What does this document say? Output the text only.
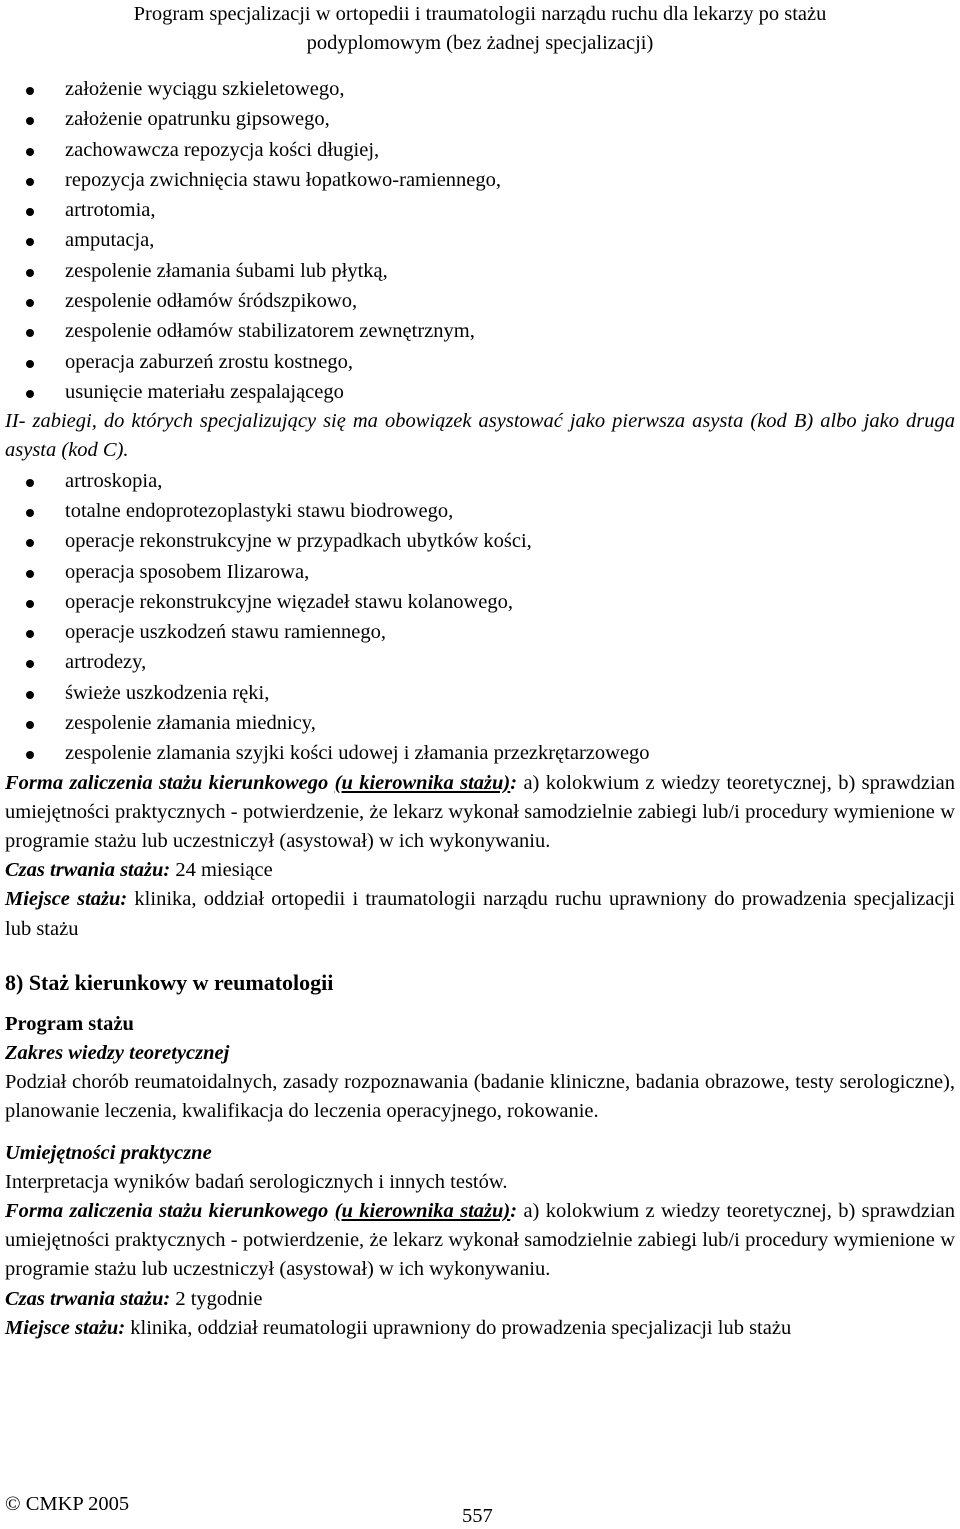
Program specjalizacji w ortopedii i traumatologii narządu ruchu dla lekarzy po stażu
podyplomowym (bez żadnej specjalizacji)
założenie wyciągu szkieletowego,
założenie opatrunku gipsowego,
zachowawcza repozycja kości długiej,
repozycja zwichnięcia stawu łopatkowo-ramiennego,
artrotomia,
amputacja,
zespolenie złamania śubami lub płytką,
zespolenie odłamów śródszpikowo,
zespolenie odłamów stabilizatorem zewnętrznym,
operacja zaburzeń zrostu kostnego,
usunięcie materiału zespalającego
II- zabiegi, do których specjalizujący się ma obowiązek asystować jako pierwsza asysta (kod B) albo jako druga asysta (kod C).
artroskopia,
totalne endoprotezoplastyki stawu biodrowego,
operacje rekonstrukcyjne w przypadkach ubytków kości,
operacja sposobem Ilizarowa,
operacje rekonstrukcyjne więzadeł stawu kolanowego,
operacje uszkodzeń stawu ramiennego,
artrodezy,
świeże uszkodzenia ręki,
zespolenie złamania miednicy,
zespolenie zlamania szyjki kości udowej i złamania przezkrętarzowego
Forma zaliczenia stażu kierunkowego (u kierownika stażu): a) kolokwium z wiedzy teoretycznej, b) sprawdzian umiejętności praktycznych - potwierdzenie, że lekarz wykonał samodzielnie zabiegi lub/i procedury wymienione w programie stażu lub uczestniczył (asystował) w ich wykonywaniu.
Czas trwania stażu: 24 miesiące
Miejsce stażu: klinika, oddział ortopedii i traumatologii narządu ruchu uprawniony do prowadzenia specjalizacji lub stażu
8) Staż kierunkowy w reumatologii
Program stażu
Zakres wiedzy teoretycznej
Podział chorób reumatoidalnych, zasady rozpoznawania (badanie kliniczne, badania obrazowe, testy serologiczne), planowanie leczenia, kwalifikacja do leczenia operacyjnego, rokowanie.
Umiejętności praktyczne
Interpretacja wyników badań serologicznych i innych testów.
Forma zaliczenia stażu kierunkowego (u kierownika stażu): a) kolokwium z wiedzy teoretycznej, b) sprawdzian umiejętności praktycznych - potwierdzenie, że lekarz wykonał samodzielnie zabiegi lub/i procedury wymienione w programie stażu lub uczestniczył (asystował) w ich wykonywaniu.
Czas trwania stażu: 2 tygodnie
Miejsce stażu: klinika, oddział reumatologii uprawniony do prowadzenia specjalizacji lub stażu
© CMKP 2005
557
